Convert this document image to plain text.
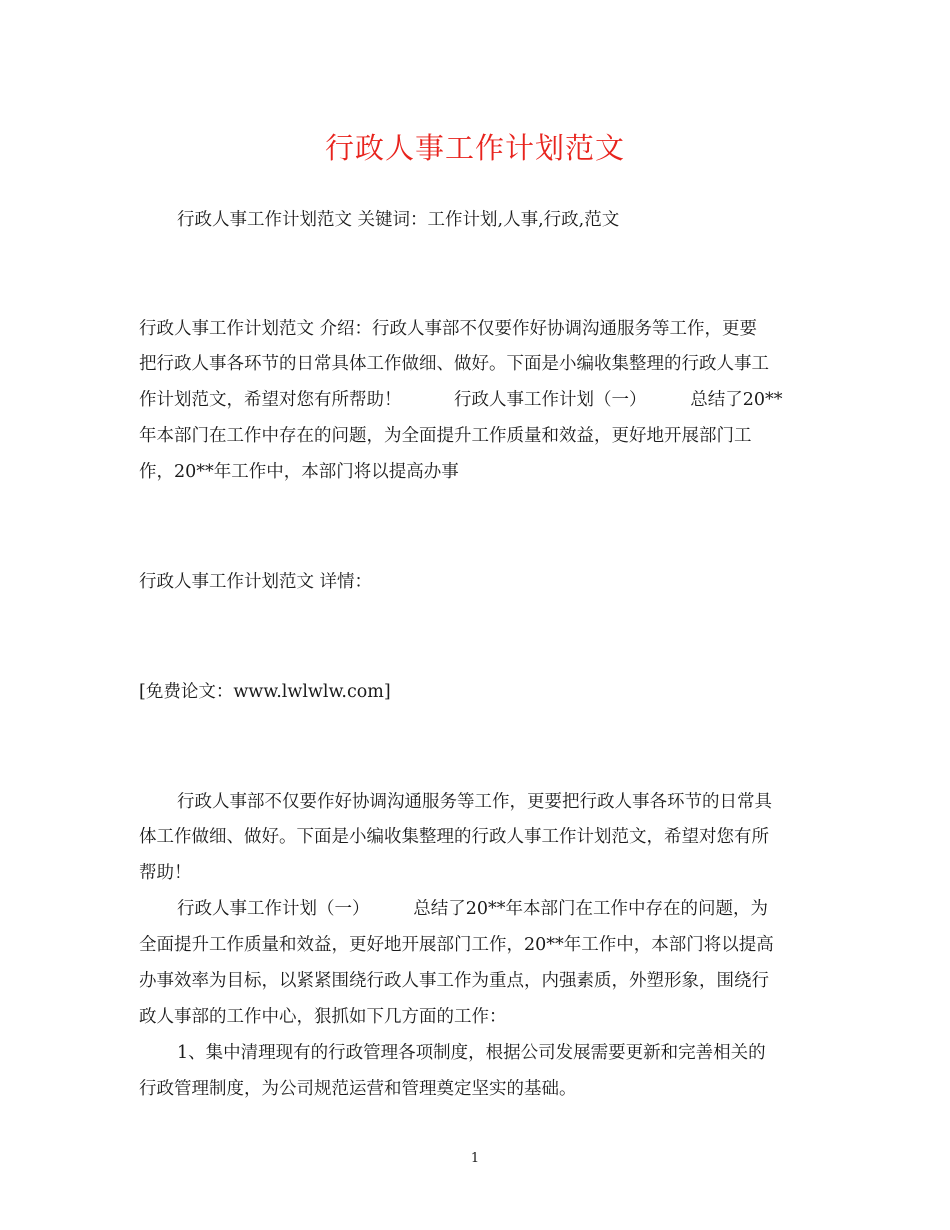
行政人事工作计划范文
行政人事工作计划范文 关键词：工作计划,人事,行政,范文
行政人事工作计划范文 介绍：行政人事部不仅要作好协调沟通服务等工作，更要
把行政人事各环节的日常具体工作做细、做好。下面是小编收集整理的行政人事工
作计划范文，希望对您有所帮助！　　　行政人事工作计划（一）　　　总结了20**
年本部门在工作中存在的问题，为全面提升工作质量和效益，更好地开展部门工
作，20**年工作中，本部门将以提高办事
行政人事工作计划范文 详情：
[免费论文：www.lwlwlw.com]
行政人事部不仅要作好协调沟通服务等工作，更要把行政人事各环节的日常具
体工作做细、做好。下面是小编收集整理的行政人事工作计划范文，希望对您有所
帮助！
行政人事工作计划（一）　　　总结了20**年本部门在工作中存在的问题，为
全面提升工作质量和效益，更好地开展部门工作，20**年工作中，本部门将以提高
办事效率为目标，以紧紧围绕行政人事工作为重点，内强素质，外塑形象，围绕行
政人事部的工作中心，狠抓如下几方面的工作：
1、集中清理现有的行政管理各项制度，根据公司发展需要更新和完善相关的
行政管理制度，为公司规范运营和管理奠定坚实的基础。
1
